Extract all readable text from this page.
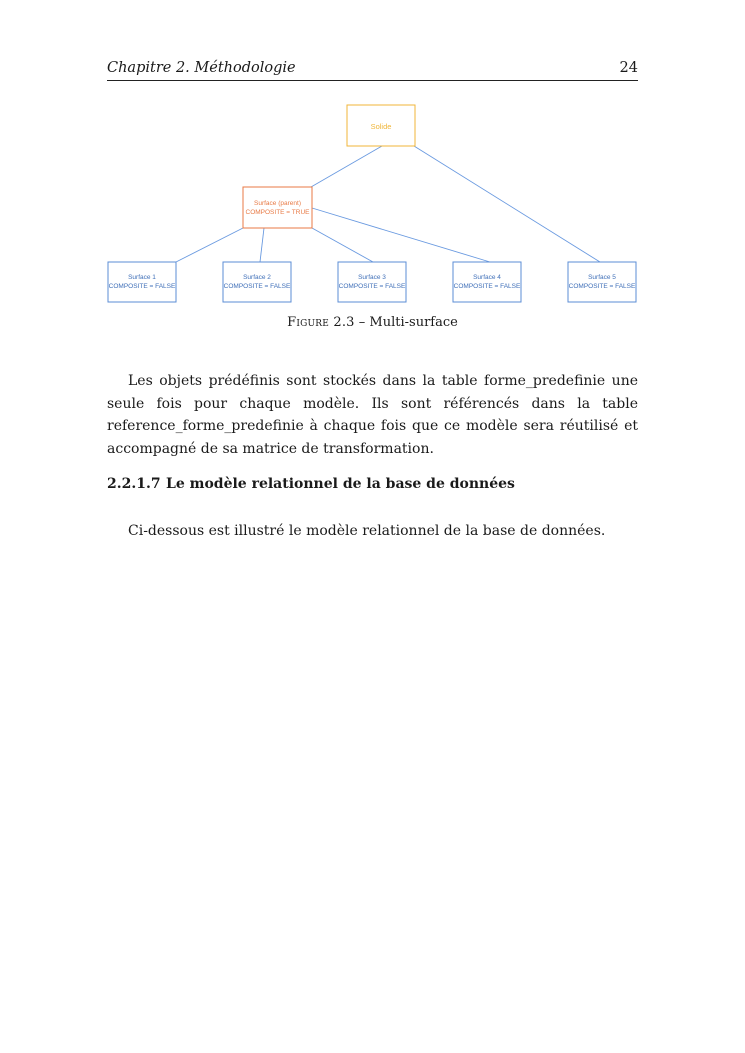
Chapitre 2. Méthodologie	24
Solide
Surface (parent)
COMPOSITE = TRUE
Surface 1
COMPOSITE = FALSE
Surface 2
COMPOSITE = FALSE
Surface 3
COMPOSITE = FALSE
Surface 4
COMPOSITE = FALSE
Surface 5
COMPOSITE = FALSE
Figure 2.3 – Multi-surface

Les objets prédéfinis sont stockés dans la table forme_predefinie une seule fois pour chaque modèle. Ils sont référencés dans la table reference_forme_predefinie à chaque fois que ce modèle sera réutilisé et accompagné de sa matrice de transformation.

2.2.1.7 Le modèle relationnel de la base de données

Ci-dessous est illustré le modèle relationnel de la base de données.
